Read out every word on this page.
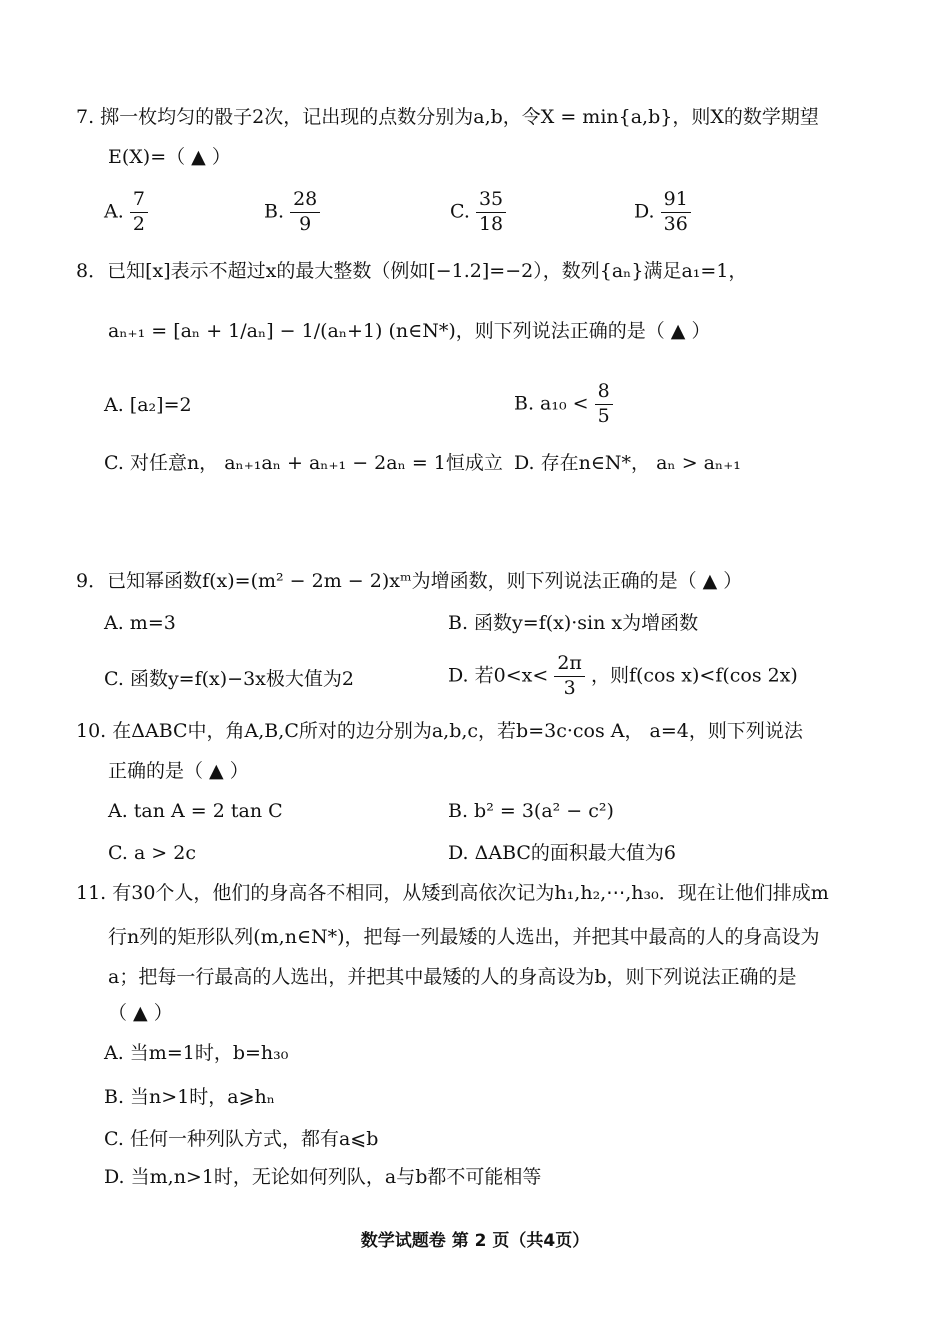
7. 掷一枚均匀的骰子2次，记出现的点数分别为a,b，令X = min{a,b}，则X的数学期望
E(X)=（ ▲ ）
A. $\frac{7}{2}$	B. $\frac{28}{9}$	C. $\frac{35}{18}$	D. $\frac{91}{36}$
8．已知[x]表示不超过x的最大整数（例如[−1.2]=−2），数列{aₙ}满足a₁=1，
aₙ₊₁ = [aₙ + 1/aₙ] − 1/(aₙ+1) (n∈N*)，则下列说法正确的是（ ▲ ）
A. [a₂]=2	B. $a_{10} < \frac{8}{5}$
C. 对任意n， aₙ₊₁aₙ + aₙ₊₁ − 2aₙ = 1恒成立 D. 存在n∈N*， aₙ > aₙ₊₁
9．已知幂函数f(x)=(m² − 2m − 2)xᵐ为增函数，则下列说法正确的是（ ▲ ）
A. m=3	B. 函数y=f(x)·sin x为增函数
C. 函数y=f(x)−3x极大值为2	D. 若$0<x< \frac{2\pi}{3}$ ，则f(cos x)<f(cos 2x)
10. 在ΔABC中，角A,B,C所对的边分别为a,b,c，若b=3c·cos A， a=4，则下列说法
正确的是（ ▲ ）
A. tan A = 2 tan C	B. b² = 3(a² − c²)
C. a > 2c	D. ΔABC的面积最大值为6
11. 有30个人，他们的身高各不相同，从矮到高依次记为h₁,h₂,⋯,h₃₀．现在让他们排成m
行n列的矩形队列(m,n∈N*)，把每一列最矮的人选出，并把其中最高的人的身高设为
a；把每一行最高的人选出，并把其中最矮的人的身高设为b，则下列说法正确的是
（ ▲ ）
A. 当m=1时，b=h₃₀
B. 当n>1时，a⩾hₙ
C. 任何一种列队方式，都有a⩽b
D. 当m,n>1时，无论如何列队，a与b都不可能相等
数学试题卷 第 2 页（共4页）
